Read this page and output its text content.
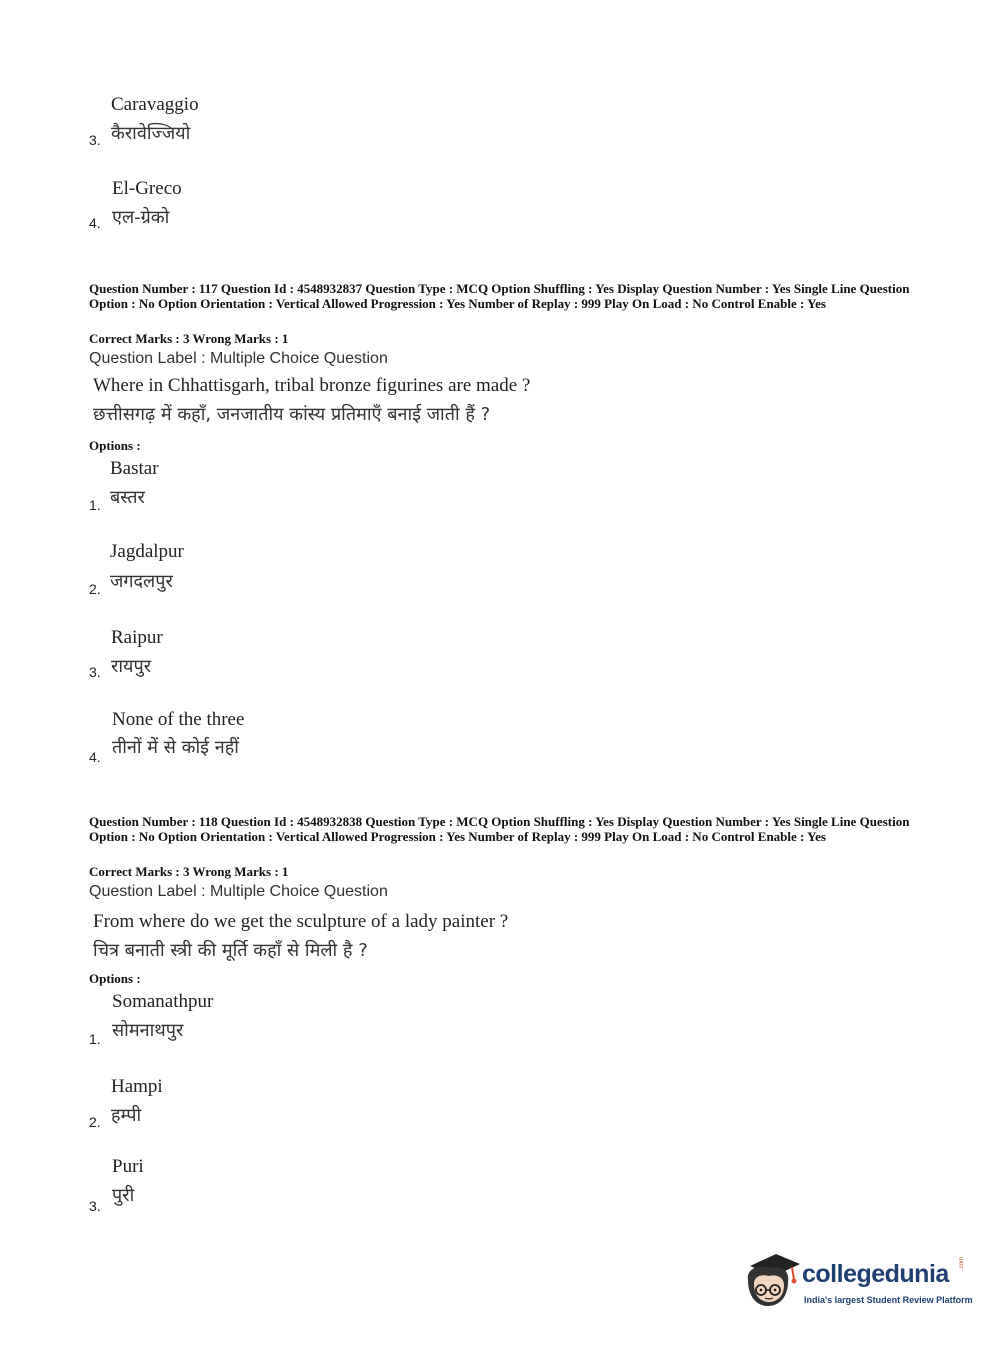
Caravaggio
कैरावेज्जियो
3.
El-Greco
एल-ग्रेको
4.
Question Number : 117 Question Id : 4548932837 Question Type : MCQ Option Shuffling : Yes Display Question Number : Yes Single Line Question Option : No Option Orientation : Vertical Allowed Progression : Yes Number of Replay : 999 Play On Load : No Control Enable : Yes
Correct Marks : 3 Wrong Marks : 1
Question Label : Multiple Choice Question
Where in Chhattisgarh, tribal bronze figurines are made ?
छत्तीसगढ़ में कहाँ, जनजातीय कांस्य प्रतिमाएँ बनाई जाती हैं ?
Options :
Bastar
बस्तर
1.
Jagdalpur
जगदलपुर
2.
Raipur
रायपुर
3.
None of the three
तीनों में से कोई नहीं
4.
Question Number : 118 Question Id : 4548932838 Question Type : MCQ Option Shuffling : Yes Display Question Number : Yes Single Line Question Option : No Option Orientation : Vertical Allowed Progression : Yes Number of Replay : 999 Play On Load : No Control Enable : Yes
Correct Marks : 3 Wrong Marks : 1
Question Label : Multiple Choice Question
From where do we get the sculpture of a lady painter ?
चित्र बनाती स्त्री की मूर्ति कहाँ से मिली है ?
Options :
Somanathpur
सोमनाथपुर
1.
Hampi
हम्पी
2.
Puri
पुरी
3.
collegedunia .com
India's largest Student Review Platform
